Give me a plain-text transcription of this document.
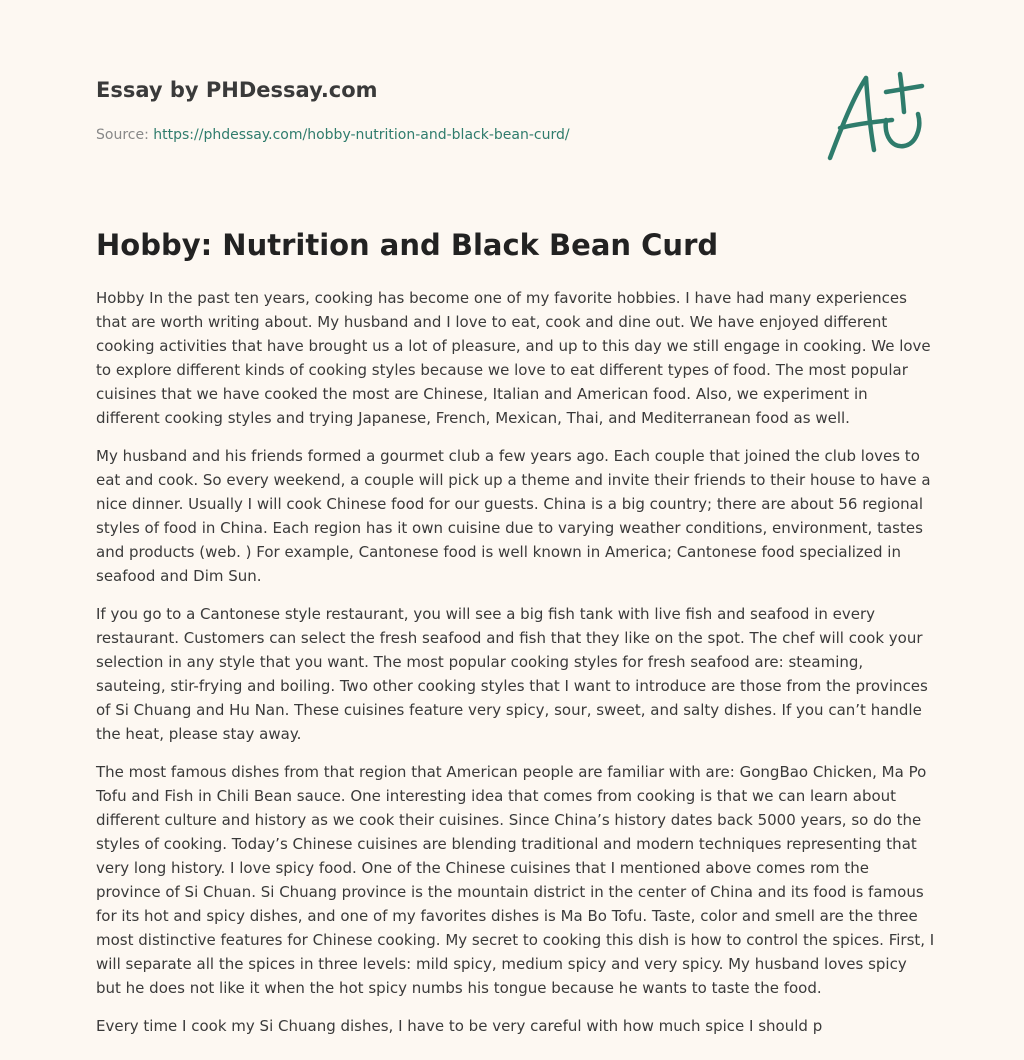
Essay by PHDessay.com
Source: https://phdessay.com/hobby-nutrition-and-black-bean-curd/
Hobby: Nutrition and Black Bean Curd

Hobby In the past ten years, cooking has become one of my favorite hobbies. I have had many experiences that are worth writing about. My husband and I love to eat, cook and dine out. We have enjoyed different cooking activities that have brought us a lot of pleasure, and up to this day we still engage in cooking. We love to explore different kinds of cooking styles because we love to eat different types of food. The most popular cuisines that we have cooked the most are Chinese, Italian and American food. Also, we experiment in different cooking styles and trying Japanese, French, Mexican, Thai, and Mediterranean food as well.

My husband and his friends formed a gourmet club a few years ago. Each couple that joined the club loves to eat and cook. So every weekend, a couple will pick up a theme and invite their friends to their house to have a nice dinner. Usually I will cook Chinese food for our guests. China is a big country; there are about 56 regional styles of food in China. Each region has it own cuisine due to varying weather conditions, environment, tastes and products (web. ) For example, Cantonese food is well known in America; Cantonese food specialized in seafood and Dim Sun.

If you go to a Cantonese style restaurant, you will see a big fish tank with live fish and seafood in every restaurant. Customers can select the fresh seafood and fish that they like on the spot. The chef will cook your selection in any style that you want. The most popular cooking styles for fresh seafood are: steaming, sauteing, stir-frying and boiling. Two other cooking styles that I want to introduce are those from the provinces of Si Chuang and Hu Nan. These cuisines feature very spicy, sour, sweet, and salty dishes. If you can’t handle the heat, please stay away.

The most famous dishes from that region that American people are familiar with are: GongBao Chicken, Ma Po Tofu and Fish in Chili Bean sauce. One interesting idea that comes from cooking is that we can learn about different culture and history as we cook their cuisines. Since China’s history dates back 5000 years, so do the styles of cooking. Today’s Chinese cuisines are blending traditional and modern techniques representing that very long history. I love spicy food. One of the Chinese cuisines that I mentioned above comes rom the province of Si Chuan. Si Chuang province is the mountain district in the center of China and its food is famous for its hot and spicy dishes, and one of my favorites dishes is Ma Bo Tofu. Taste, color and smell are the three most distinctive features for Chinese cooking. My secret to cooking this dish is how to control the spices. First, I will separate all the spices in three levels: mild spicy, medium spicy and very spicy. My husband loves spicy but he does not like it when the hot spicy numbs his tongue because he wants to taste the food.

Every time I cook my Si Chuang dishes, I have to be very careful with how much spice I should p
